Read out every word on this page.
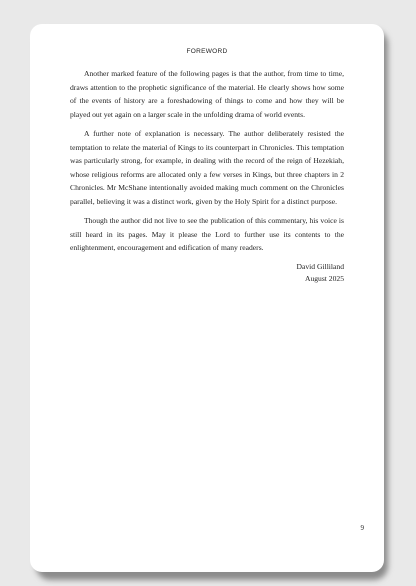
FOREWORD

Another marked feature of the following pages is that the author, from time to time, draws attention to the prophetic significance of the material. He clearly shows how some of the events of history are a foreshadowing of things to come and how they will be played out yet again on a larger scale in the unfolding drama of world events.

A further note of explanation is necessary. The author deliberately resisted the temptation to relate the material of Kings to its counterpart in Chronicles. This temptation was particularly strong, for example, in dealing with the record of the reign of Hezekiah, whose religious reforms are allocated only a few verses in Kings, but three chapters in 2 Chronicles. Mr McShane intentionally avoided making much comment on the Chronicles parallel, believing it was a distinct work, given by the Holy Spirit for a distinct purpose.

Though the author did not live to see the publication of this commentary, his voice is still heard in its pages. May it please the Lord to further use its contents to the enlightenment, encouragement and edification of many readers.

David Gilliland
August 2025
9
